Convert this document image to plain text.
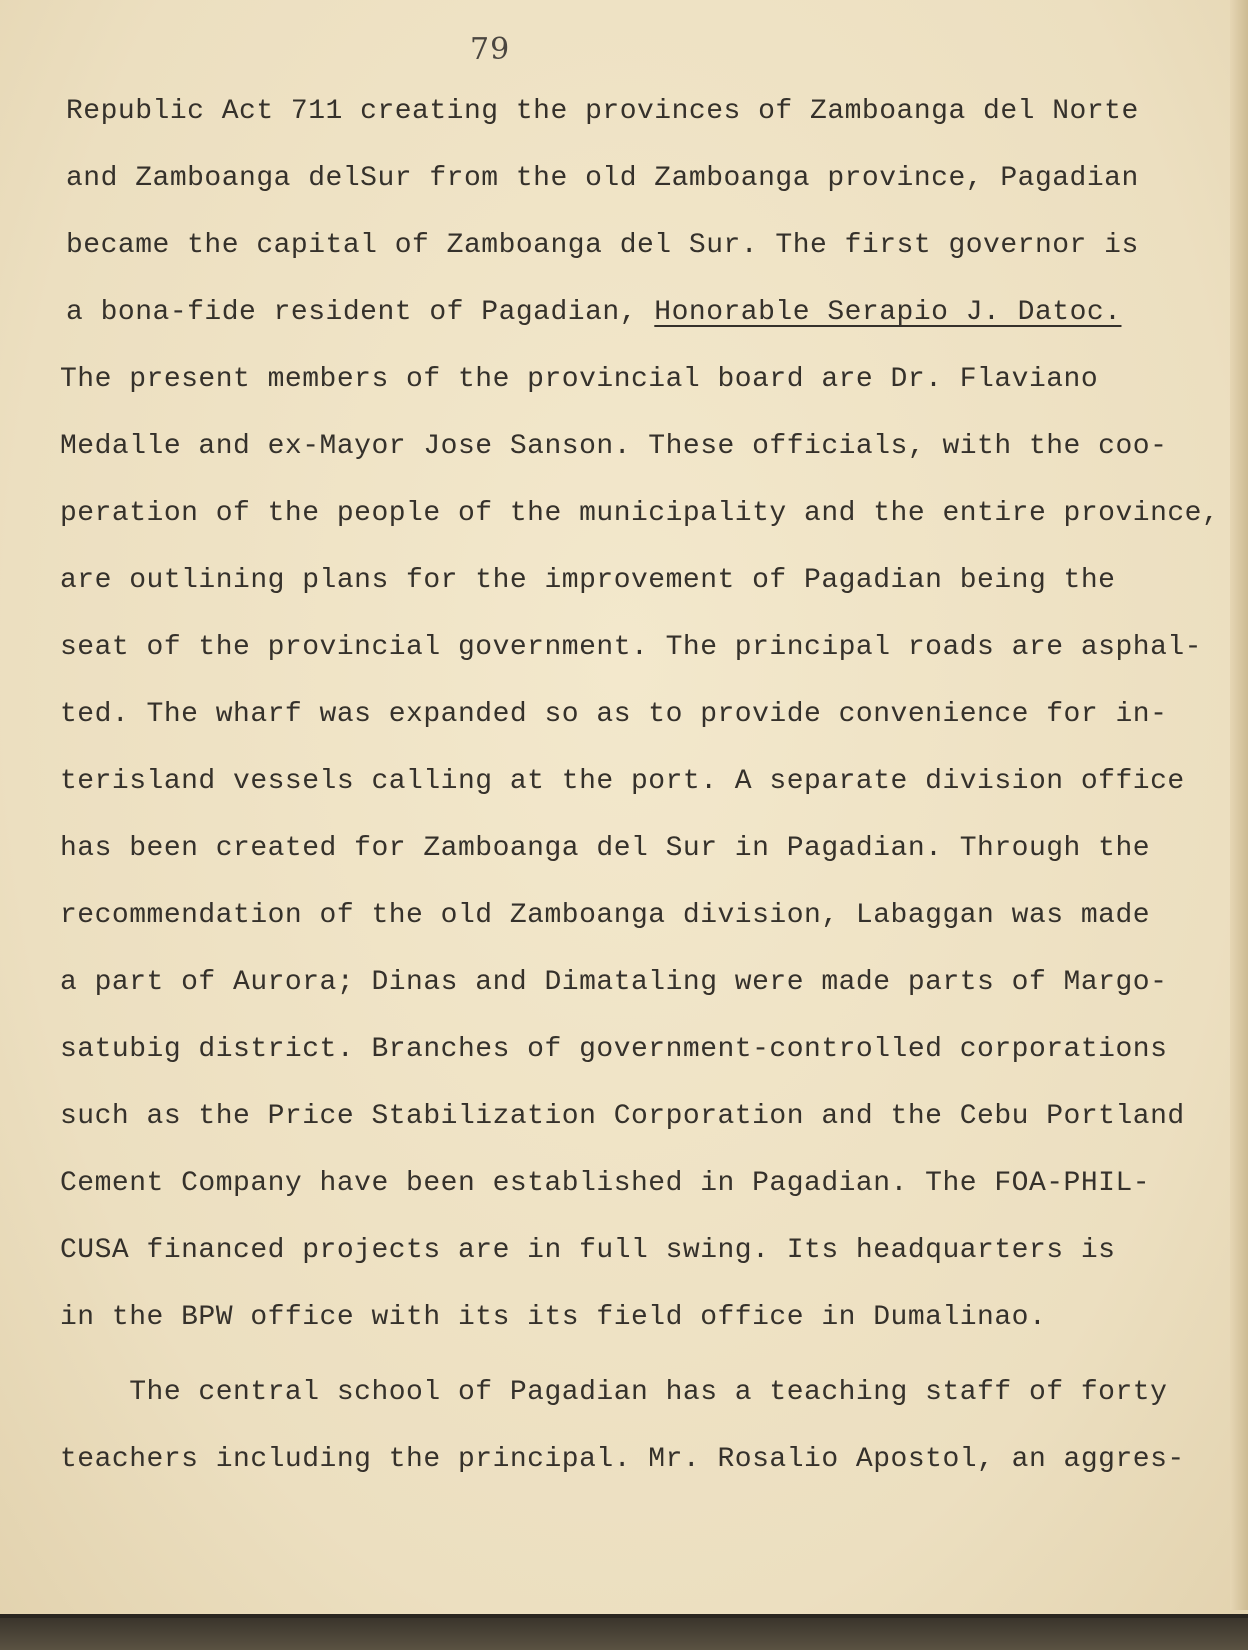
79
Republic Act 711 creating the provinces of Zamboanga del Norte
and Zamboanga delSur from the old Zamboanga province, Pagadian
became the capital of Zamboanga del Sur. The first governor is
a bona-fide resident of Pagadian, Honorable Serapio J. Datoc.
The present members of the provincial board are Dr. Flaviano
Medalle and ex-Mayor Jose Sanson. These officials, with the coo-
peration of the people of the municipality and the entire province,
are outlining plans for the improvement of Pagadian being the
seat of the provincial government. The principal roads are asphal-
ted. The wharf was expanded so as to provide convenience for in-
terisland vessels calling at the port. A separate division office
has been created for Zamboanga del Sur in Pagadian. Through the
recommendation of the old Zamboanga division, Labaggan was made
a part of Aurora; Dinas and Dimataling were made parts of Margo-
satubig district. Branches of government-controlled corporations
such as the Price Stabilization Corporation and the Cebu Portland
Cement Company have been established in Pagadian. The FOA-PHIL-
CUSA financed projects are in full swing. Its headquarters is
in the BPW office with its its field office in Dumalinao.
The central school of Pagadian has a teaching staff of forty
teachers including the principal. Mr. Rosalio Apostol, an aggres-
